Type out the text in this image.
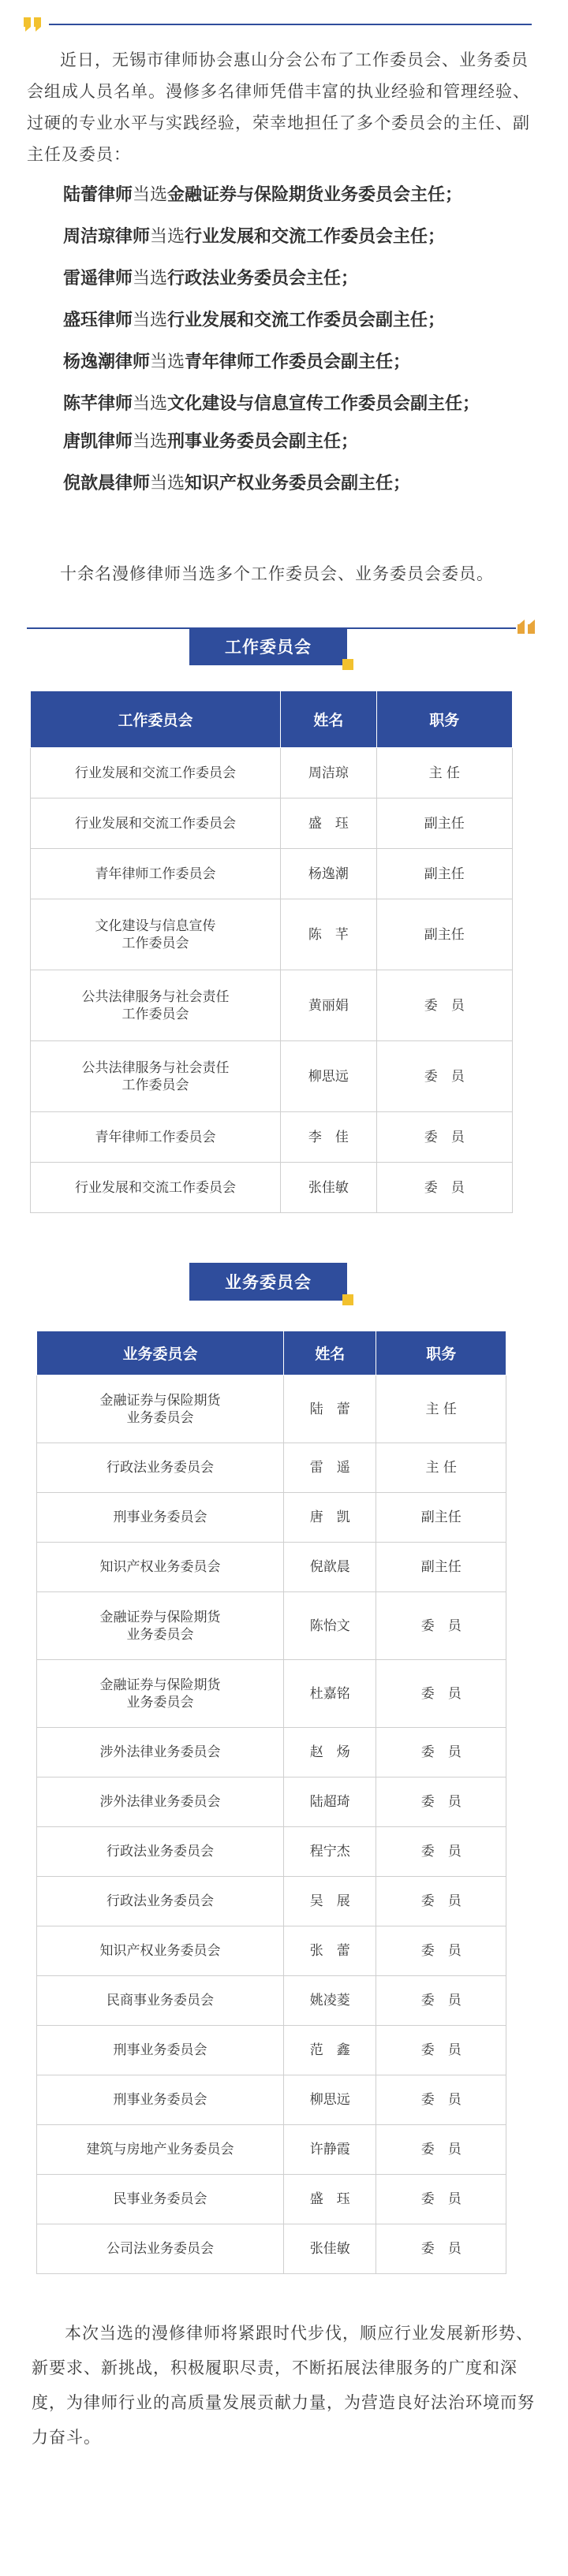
近日，无锡市律师协会惠山分会公布了工作委员会、业务委员会组成人员名单。漫修多名律师凭借丰富的执业经验和管理经验、过硬的专业水平与实践经验，荣幸地担任了多个委员会的主任、副主任及委员：

陆蕾律师当选金融证券与保险期货业务委员会主任；

周洁琼律师当选行业发展和交流工作委员会主任；

雷遥律师当选行政法业务委员会主任；

盛珏律师当选行业发展和交流工作委员会副主任；

杨逸潮律师当选青年律师工作委员会副主任；

陈芊律师当选文化建设与信息宣传工作委员会副主任；

唐凯律师当选刑事业务委员会副主任；

倪歆晨律师当选知识产权业务委员会副主任；

十余名漫修律师当选多个工作委员会、业务委员会委员。

工作委员会
工作委员会	姓名	职务
行业发展和交流工作委员会	周洁琼	主 任
行业发展和交流工作委员会	盛　珏	副主任
青年律师工作委员会	杨逸潮	副主任
文化建设与信息宣传
工作委员会	陈　芊	副主任
公共法律服务与社会责任
工作委员会	黄丽娟	委　员
公共法律服务与社会责任
工作委员会	柳思远	委　员
青年律师工作委员会	李　佳	委　员
行业发展和交流工作委员会	张佳敏	委　员
业务委员会
业务委员会	姓名	职务
金融证券与保险期货
业务委员会	陆　蕾	主 任
行政法业务委员会	雷　遥	主 任
刑事业务委员会	唐　凯	副主任
知识产权业务委员会	倪歆晨	副主任
金融证券与保险期货
业务委员会	陈怡文	委　员
金融证券与保险期货
业务委员会	杜嘉铭	委　员
涉外法律业务委员会	赵　炀	委　员
涉外法律业务委员会	陆超琦	委　员
行政法业务委员会	程宁杰	委　员
行政法业务委员会	吴　展	委　员
知识产权业务委员会	张　蕾	委　员
民商事业务委员会	姚凌菱	委　员
刑事业务委员会	范　鑫	委　员
刑事业务委员会	柳思远	委　员
建筑与房地产业务委员会	许静霞	委　员
民事业务委员会	盛　珏	委　员
公司法业务委员会	张佳敏	委　员

本次当选的漫修律师将紧跟时代步伐，顺应行业发展新形势、新要求、新挑战，积极履职尽责，不断拓展法律服务的广度和深度，为律师行业的高质量发展贡献力量，为营造良好法治环境而努力奋斗。
